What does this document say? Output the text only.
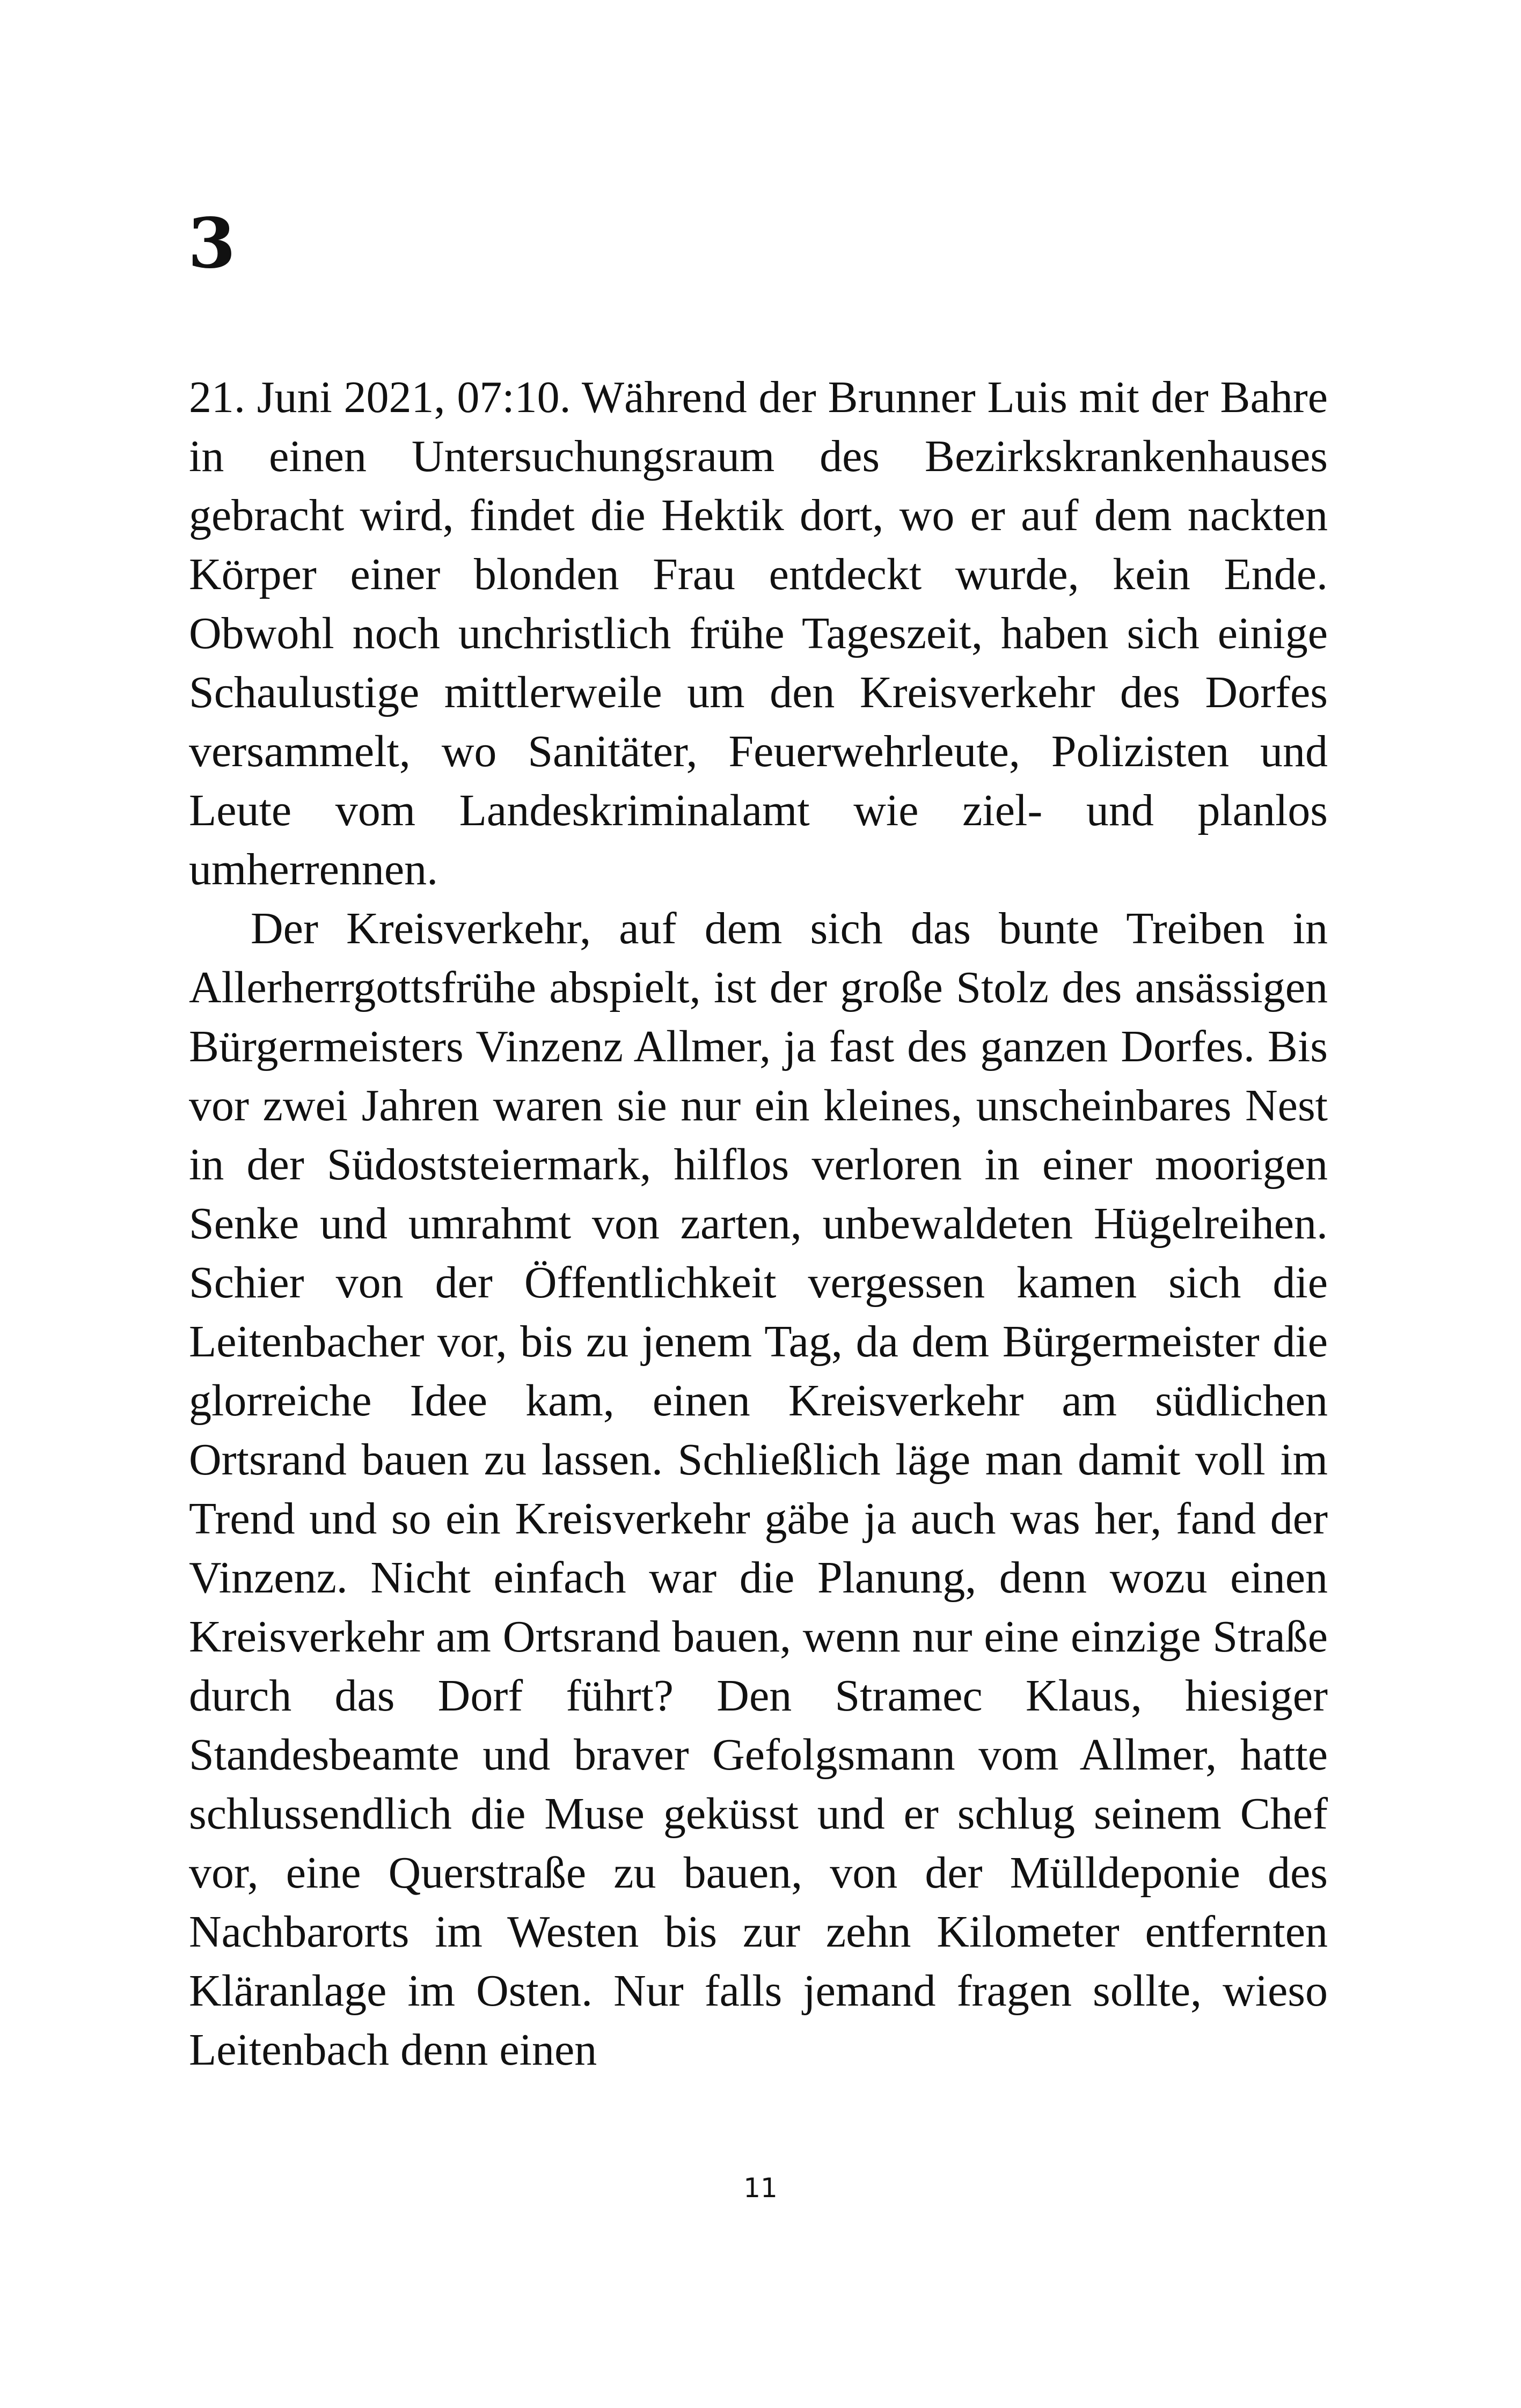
3

21. Juni 2021, 07:10. Während der Brunner Luis mit der Bahre in einen Untersuchungsraum des Bezirkskrankenhauses gebracht wird, findet die Hektik dort, wo er auf dem nackten Körper einer blonden Frau entdeckt wurde, kein Ende. Obwohl noch unchristlich frühe Tageszeit, haben sich einige Schaulustige mittlerweile um den Kreisverkehr des Dorfes versammelt, wo Sanitäter, Feuerwehrleute, Polizisten und Leute vom Landeskriminalamt wie ziel- und planlos umherrennen.

Der Kreisverkehr, auf dem sich das bunte Treiben in Allerherrgottsfrühe abspielt, ist der große Stolz des ansässigen Bürgermeisters Vinzenz Allmer, ja fast des ganzen Dorfes. Bis vor zwei Jahren waren sie nur ein kleines, unscheinbares Nest in der Südoststeiermark, hilflos verloren in einer moorigen Senke und umrahmt von zarten, unbewaldeten Hügelreihen. Schier von der Öffentlichkeit vergessen kamen sich die Leitenbacher vor, bis zu jenem Tag, da dem Bürgermeister die glorreiche Idee kam, einen Kreisverkehr am südlichen Ortsrand bauen zu lassen. Schließlich läge man damit voll im Trend und so ein Kreisverkehr gäbe ja auch was her, fand der Vinzenz. Nicht einfach war die Planung, denn wozu einen Kreisverkehr am Ortsrand bauen, wenn nur eine einzige Straße durch das Dorf führt? Den Stramec Klaus, hiesiger Standesbeamte und braver Gefolgsmann vom Allmer, hatte schlussendlich die Muse geküsst und er schlug seinem Chef vor, eine Querstraße zu bauen, von der Mülldeponie des Nachbarorts im Westen bis zur zehn Kilometer entfernten Kläranlage im Osten. Nur falls jemand fragen sollte, wieso Leitenbach denn einen

11
